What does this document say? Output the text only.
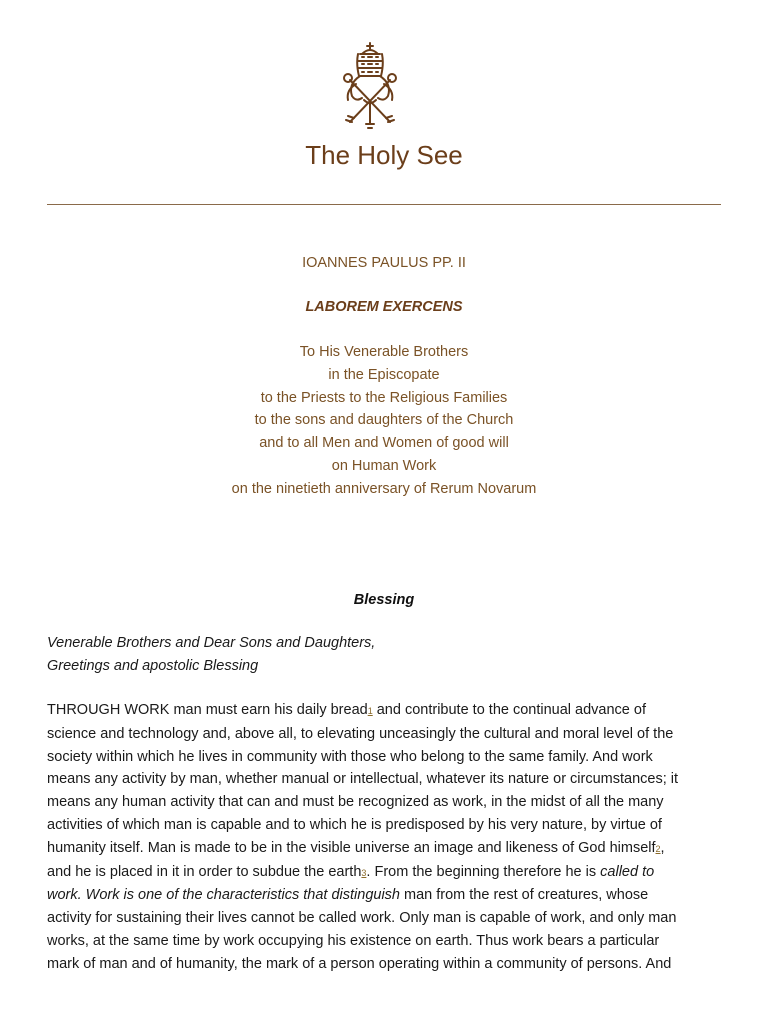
The Holy See
IOANNES PAULUS PP. II
LABOREM EXERCENS
To His Venerable Brothers
in the Episcopate
to the Priests to the Religious Families
to the sons and daughters of the Church
and to all Men and Women of good will
on Human Work
on the ninetieth anniversary of Rerum Novarum
Blessing
Venerable Brothers and Dear Sons and Daughters,
Greetings and apostolic Blessing
THROUGH WORK man must earn his daily bread1 and contribute to the continual advance of
science and technology and, above all, to elevating unceasingly the cultural and moral level of the
society within which he lives in community with those who belong to the same family. And work
means any activity by man, whether manual or intellectual, whatever its nature or circumstances; it
means any human activity that can and must be recognized as work, in the midst of all the many
activities of which man is capable and to which he is predisposed by his very nature, by virtue of
humanity itself. Man is made to be in the visible universe an image and likeness of God himself2,
and he is placed in it in order to subdue the earth3. From the beginning therefore he is called to
work. Work is one of the characteristics that distinguish man from the rest of creatures, whose
activity for sustaining their lives cannot be called work. Only man is capable of work, and only man
works, at the same time by work occupying his existence on earth. Thus work bears a particular
mark of man and of humanity, the mark of a person operating within a community of persons. And
